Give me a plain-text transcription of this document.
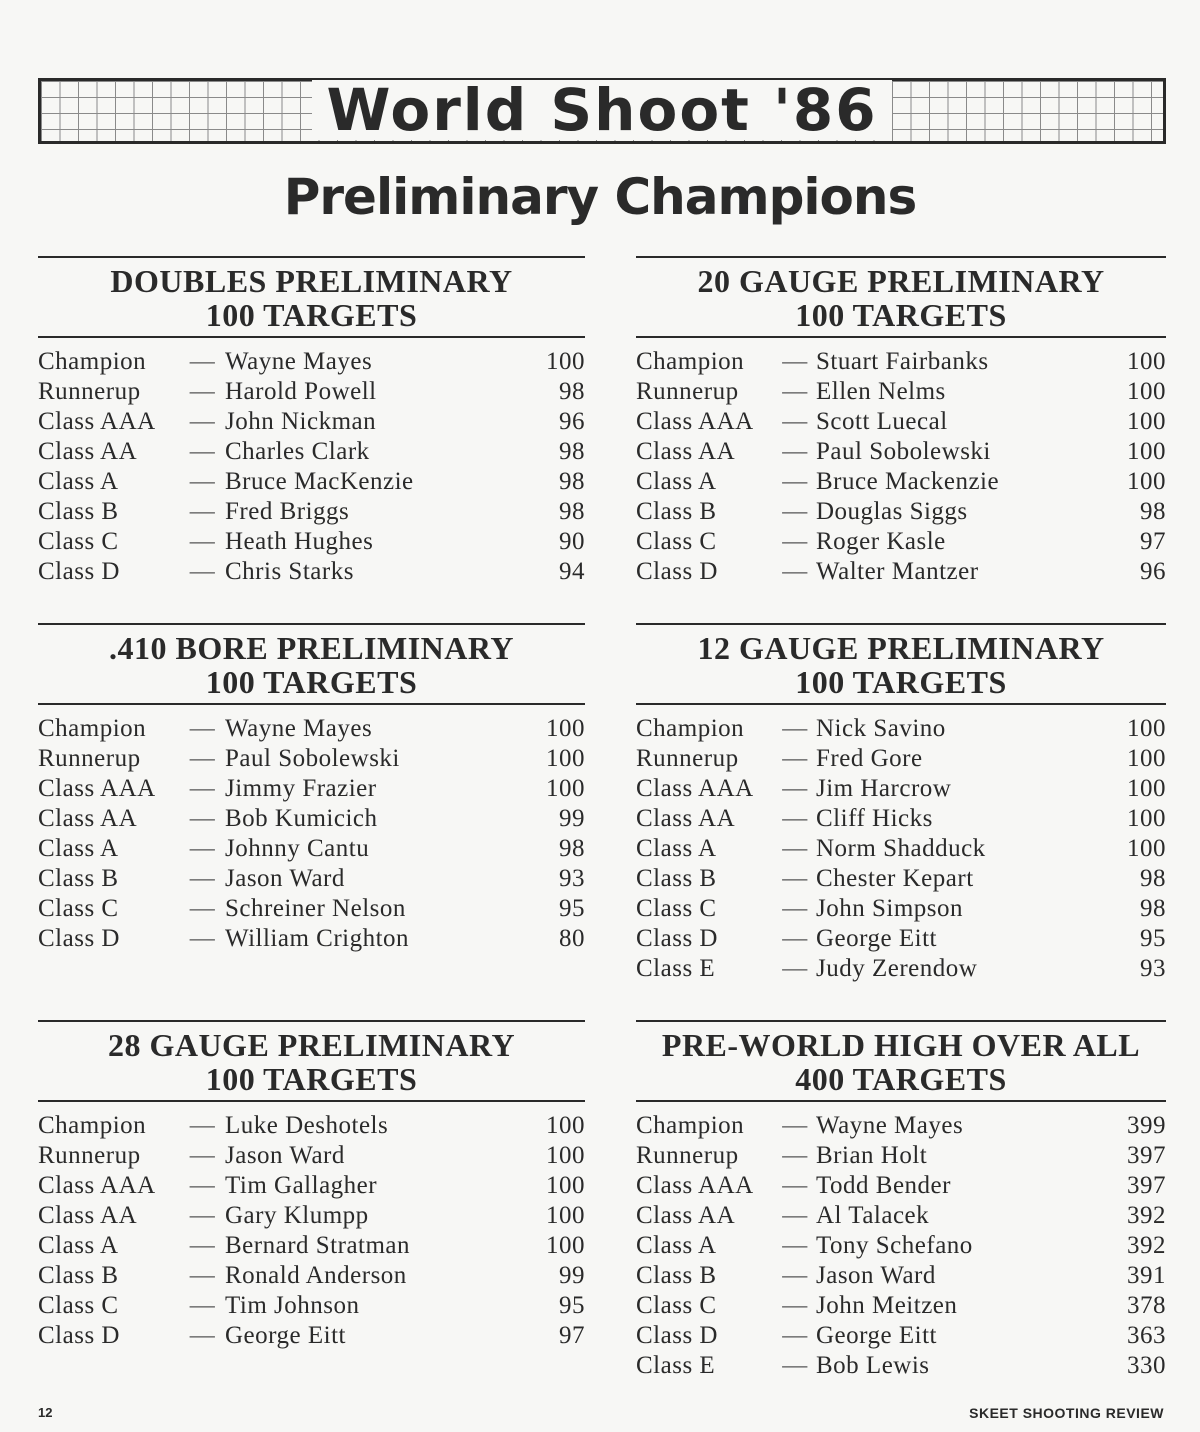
World Shoot '86
Preliminary Champions
DOUBLES PRELIMINARY
100 TARGETS
Champion	— Wayne Mayes	100
Runnerup	— Harold Powell	98
Class AAA	— John Nickman	96
Class AA	— Charles Clark	98
Class A	— Bruce MacKenzie	98
Class B	— Fred Briggs	98
Class C	— Heath Hughes	90
Class D	— Chris Starks	94
20 GAUGE PRELIMINARY
100 TARGETS
Champion	— Stuart Fairbanks	100
Runnerup	— Ellen Nelms	100
Class AAA	— Scott Luecal	100
Class AA	— Paul Sobolewski	100
Class A	— Bruce Mackenzie	100
Class B	— Douglas Siggs	98
Class C	— Roger Kasle	97
Class D	— Walter Mantzer	96
.410 BORE PRELIMINARY
100 TARGETS
Champion	— Wayne Mayes	100
Runnerup	— Paul Sobolewski	100
Class AAA	— Jimmy Frazier	100
Class AA	— Bob Kumicich	99
Class A	— Johnny Cantu	98
Class B	— Jason Ward	93
Class C	— Schreiner Nelson	95
Class D	— William Crighton	80
12 GAUGE PRELIMINARY
100 TARGETS
Champion	— Nick Savino	100
Runnerup	— Fred Gore	100
Class AAA	— Jim Harcrow	100
Class AA	— Cliff Hicks	100
Class A	— Norm Shadduck	100
Class B	— Chester Kepart	98
Class C	— John Simpson	98
Class D	— George Eitt	95
Class E	— Judy Zerendow	93
28 GAUGE PRELIMINARY
100 TARGETS
Champion	— Luke Deshotels	100
Runnerup	— Jason Ward	100
Class AAA	— Tim Gallagher	100
Class AA	— Gary Klumpp	100
Class A	— Bernard Stratman	100
Class B	— Ronald Anderson	99
Class C	— Tim Johnson	95
Class D	— George Eitt	97
PRE-WORLD HIGH OVER ALL
400 TARGETS
Champion	— Wayne Mayes	399
Runnerup	— Brian Holt	397
Class AAA	— Todd Bender	397
Class AA	— Al Talacek	392
Class A	— Tony Schefano	392
Class B	— Jason Ward	391
Class C	— John Meitzen	378
Class D	— George Eitt	363
Class E	— Bob Lewis	330
12	SKEET SHOOTING REVIEW
